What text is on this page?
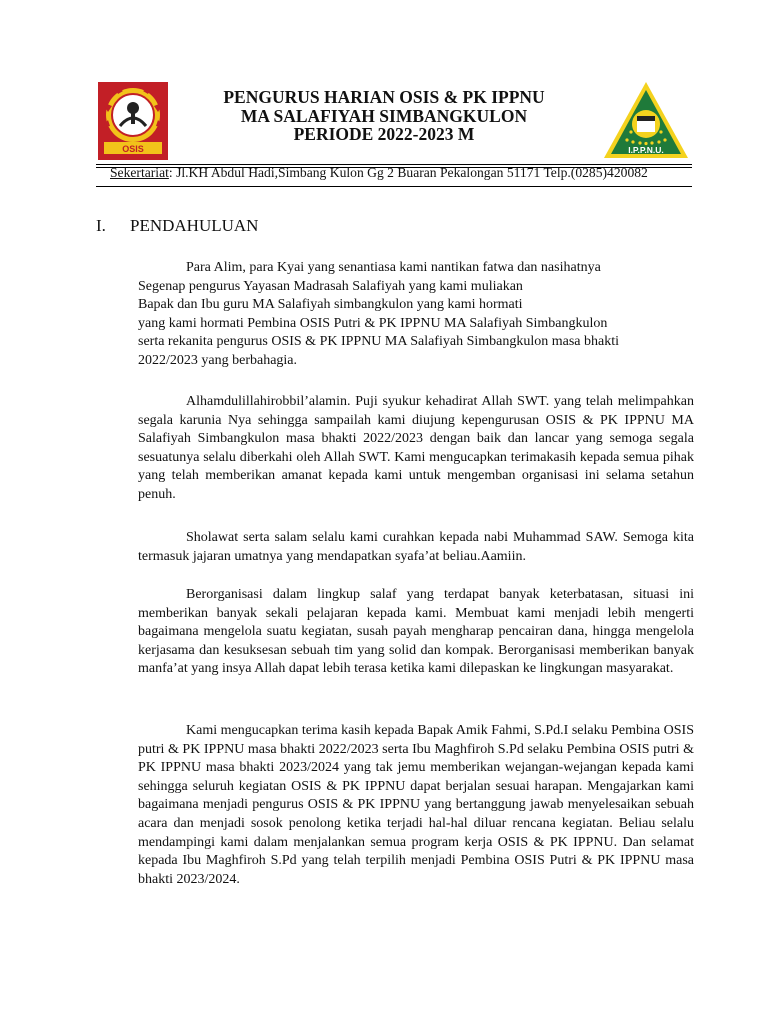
OSIS	I.P.P.N.U.
PENGURUS HARIAN OSIS & PK IPPNU
MA SALAFIYAH SIMBANGKULON
PERIODE 2022-2023 M
Sekertariat: Jl.KH Abdul Hadi,Simbang Kulon Gg 2 Buaran Pekalongan 51171 Telp.(0285)420082
I. PENDAHULUAN
Para Alim, para Kyai yang senantiasa kami nantikan fatwa dan nasihatnya
Segenap pengurus Yayasan Madrasah Salafiyah yang kami muliakan
Bapak dan Ibu guru MA Salafiyah simbangkulon yang kami hormati
yang kami hormati Pembina OSIS Putri & PK IPPNU MA Salafiyah Simbangkulon
serta rekanita pengurus OSIS & PK IPPNU MA Salafiyah Simbangkulon masa bhakti
2022/2023 yang berbahagia.
Alhamdulillahirobbil’alamin. Puji syukur kehadirat Allah SWT. yang telah melimpahkan segala karunia Nya sehingga sampailah kami diujung kepengurusan OSIS & PK IPPNU MA Salafiyah Simbangkulon masa bhakti 2022/2023 dengan baik dan lancar yang semoga segala sesuatunya selalu diberkahi oleh Allah SWT. Kami mengucapkan terimakasih kepada semua pihak yang telah memberikan amanat kepada kami untuk mengemban organisasi ini selama setahun penuh.
Sholawat serta salam selalu kami curahkan kepada nabi Muhammad SAW. Semoga kita termasuk jajaran umatnya yang mendapatkan syafa’at beliau.Aamiin.
Berorganisasi dalam lingkup salaf yang terdapat banyak keterbatasan, situasi ini memberikan banyak sekali pelajaran kepada kami. Membuat kami menjadi lebih mengerti bagaimana mengelola suatu kegiatan, susah payah mengharap pencairan dana, hingga mengelola kerjasama dan kesuksesan sebuah tim yang solid dan kompak. Berorganisasi memberikan banyak manfa’at yang insya Allah dapat lebih terasa ketika kami dilepaskan ke lingkungan masyarakat.
Kami mengucapkan terima kasih kepada Bapak Amik Fahmi, S.Pd.I selaku Pembina OSIS putri & PK IPPNU masa bhakti 2022/2023 serta Ibu Maghfiroh S.Pd selaku Pembina OSIS putri & PK IPPNU masa bhakti 2023/2024 yang tak jemu memberikan wejangan-wejangan kepada kami sehingga seluruh kegiatan OSIS & PK IPPNU dapat berjalan sesuai harapan. Mengajarkan kami bagaimana menjadi pengurus OSIS & PK IPPNU yang bertanggung jawab menyelesaikan sebuah acara dan menjadi sosok penolong ketika terjadi hal-hal diluar rencana kegiatan. Beliau selalu mendampingi kami dalam menjalankan semua program kerja OSIS & PK IPPNU. Dan selamat kepada Ibu Maghfiroh S.Pd yang telah terpilih menjadi Pembina OSIS Putri & PK IPPNU masa bhakti 2023/2024.
